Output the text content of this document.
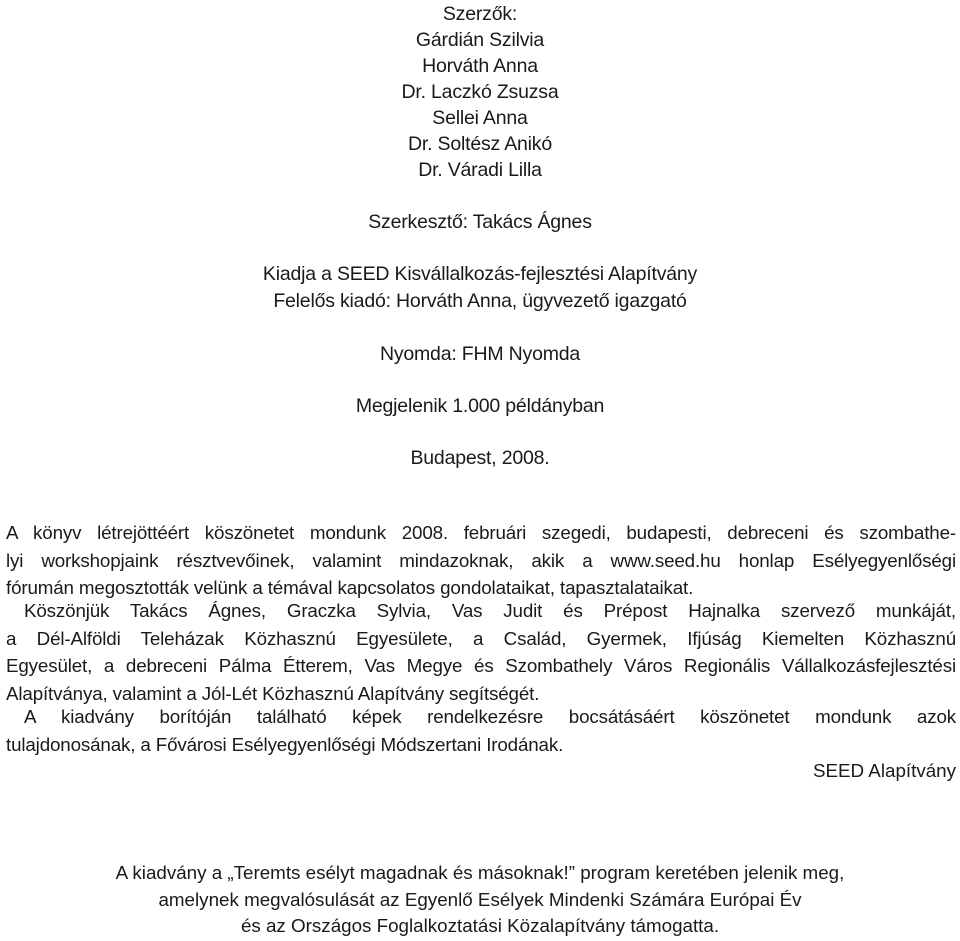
Szerzők:
Gárdián Szilvia
Horváth Anna
Dr. Laczkó Zsuzsa
Sellei Anna
Dr. Soltész Anikó
Dr. Váradi Lilla
Szerkesztő: Takács Ágnes
Kiadja a SEED Kisvállalkozás-fejlesztési Alapítvány
Felelős kiadó: Horváth Anna, ügyvezető igazgató
Nyomda: FHM Nyomda
Megjelenik 1.000 példányban
Budapest, 2008.
A könyv létrejöttéért köszönetet mondunk 2008. februári szegedi, budapesti, debreceni és szombathe-
lyi workshopjaink résztvevőinek, valamint mindazoknak, akik a www.seed.hu honlap Esélyegyenlőségi
fórumán megosztották velünk a témával kapcsolatos gondolataikat, tapasztalataikat.
Köszönjük Takács Ágnes, Graczka Sylvia, Vas Judit és Prépost Hajnalka szervező munkáját,
a Dél-Alföldi Teleházak Közhasznú Egyesülete, a Család, Gyermek, Ifjúság Kiemelten Közhasznú
Egyesület, a debreceni Pálma Étterem, Vas Megye és Szombathely Város Regionális Vállalkozásfejlesztési
Alapítványa, valamint a Jól-Lét Közhasznú Alapítvány segítségét.
A kiadvány borítóján található képek rendelkezésre bocsátásáért köszönetet mondunk azok
tulajdonosának, a Fővárosi Esélyegyenlőségi Módszertani Irodának.
SEED Alapítvány
A kiadvány a „Teremts esélyt magadnak és másoknak!” program keretében jelenik meg,
amelynek megvalósulását az Egyenlő Esélyek Mindenki Számára Európai Év
és az Országos Foglalkoztatási Közalapítvány támogatta.
